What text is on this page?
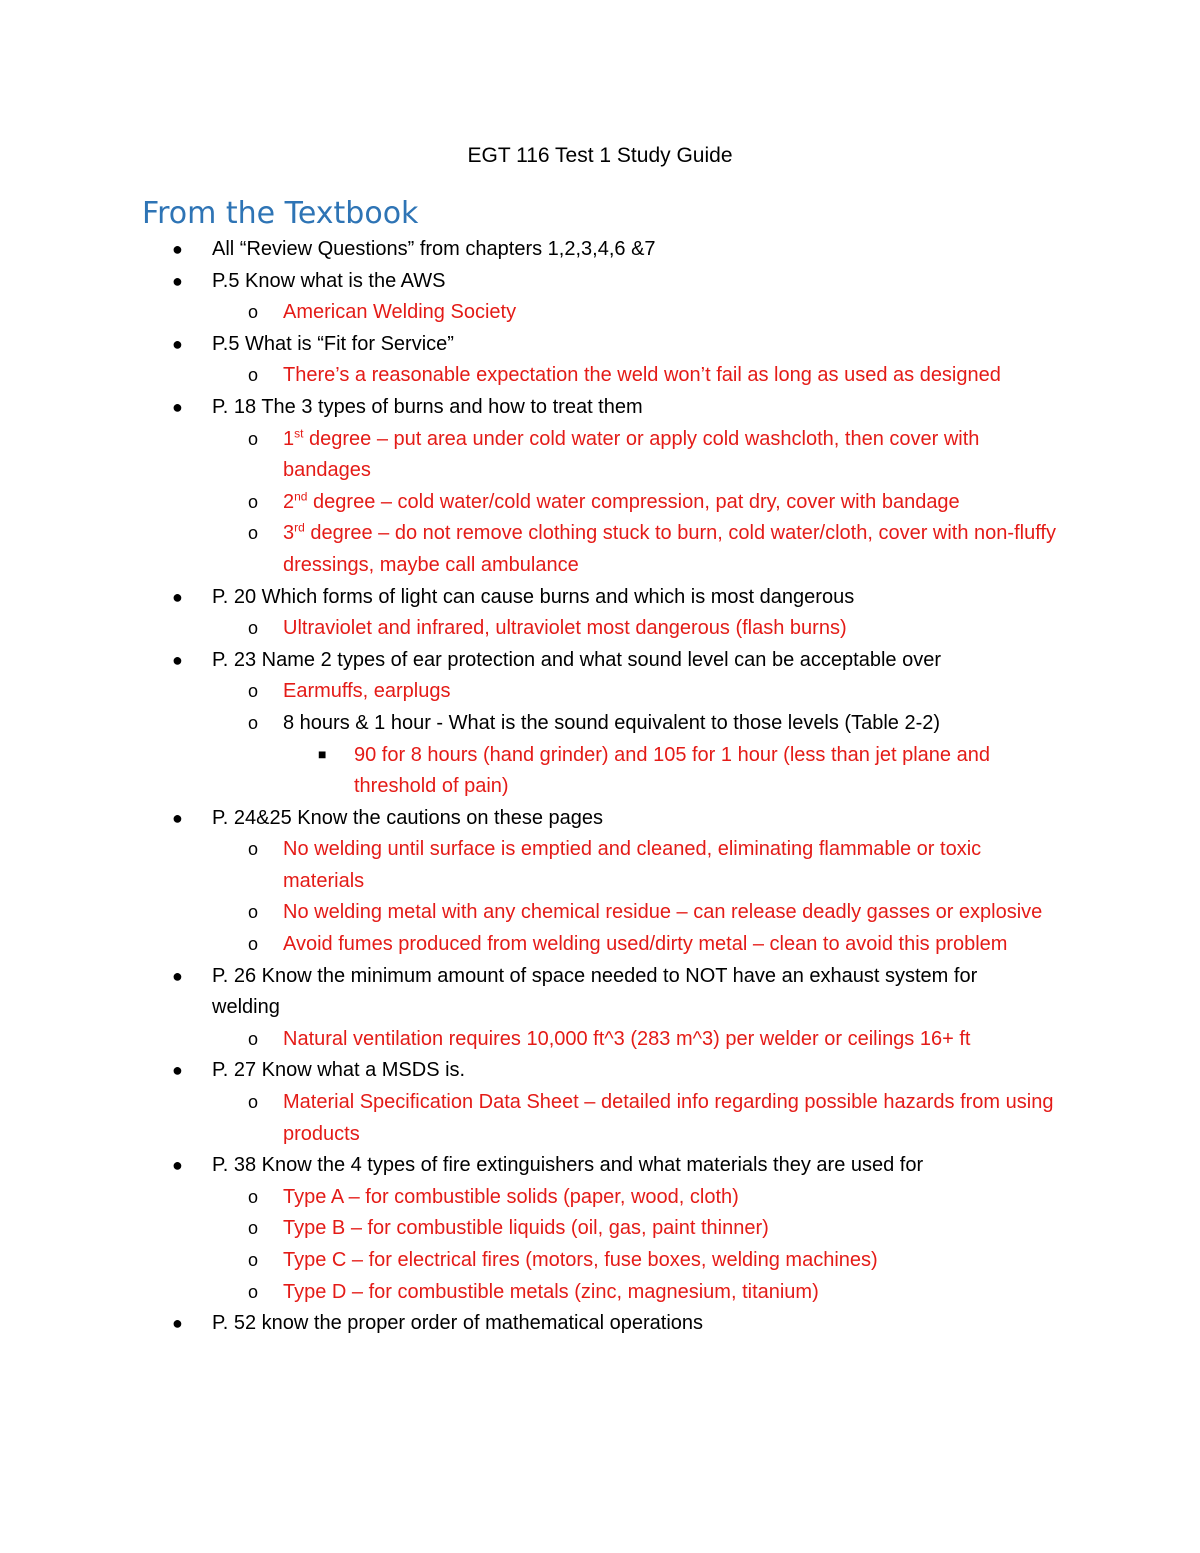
EGT 116 Test 1 Study Guide
From the Textbook
● All “Review Questions” from chapters 1,2,3,4,6 &7
● P.5 Know what is the AWS
o American Welding Society
● P.5 What is “Fit for Service”
o There’s a reasonable expectation the weld won’t fail as long as used as designed
● P. 18 The 3 types of burns and how to treat them
o 1st degree – put area under cold water or apply cold washcloth, then cover with bandages
o 2nd degree – cold water/cold water compression, pat dry, cover with bandage
o 3rd degree – do not remove clothing stuck to burn, cold water/cloth, cover with non-fluffy dressings, maybe call ambulance
● P. 20 Which forms of light can cause burns and which is most dangerous
o Ultraviolet and infrared, ultraviolet most dangerous (flash burns)
● P. 23 Name 2 types of ear protection and what sound level can be acceptable over
o Earmuffs, earplugs
o 8 hours & 1 hour - What is the sound equivalent to those levels (Table 2-2)
■ 90 for 8 hours (hand grinder) and 105 for 1 hour (less than jet plane and threshold of pain)
● P. 24&25 Know the cautions on these pages
o No welding until surface is emptied and cleaned, eliminating flammable or toxic materials
o No welding metal with any chemical residue – can release deadly gasses or explosive
o Avoid fumes produced from welding used/dirty metal – clean to avoid this problem
● P. 26 Know the minimum amount of space needed to NOT have an exhaust system for welding
o Natural ventilation requires 10,000 ft^3 (283 m^3) per welder or ceilings 16+ ft
● P. 27 Know what a MSDS is.
o Material Specification Data Sheet – detailed info regarding possible hazards from using products
● P. 38 Know the 4 types of fire extinguishers and what materials they are used for
o Type A – for combustible solids (paper, wood, cloth)
o Type B – for combustible liquids (oil, gas, paint thinner)
o Type C – for electrical fires (motors, fuse boxes, welding machines)
o Type D – for combustible metals (zinc, magnesium, titanium)
● P. 52 know the proper order of mathematical operations
